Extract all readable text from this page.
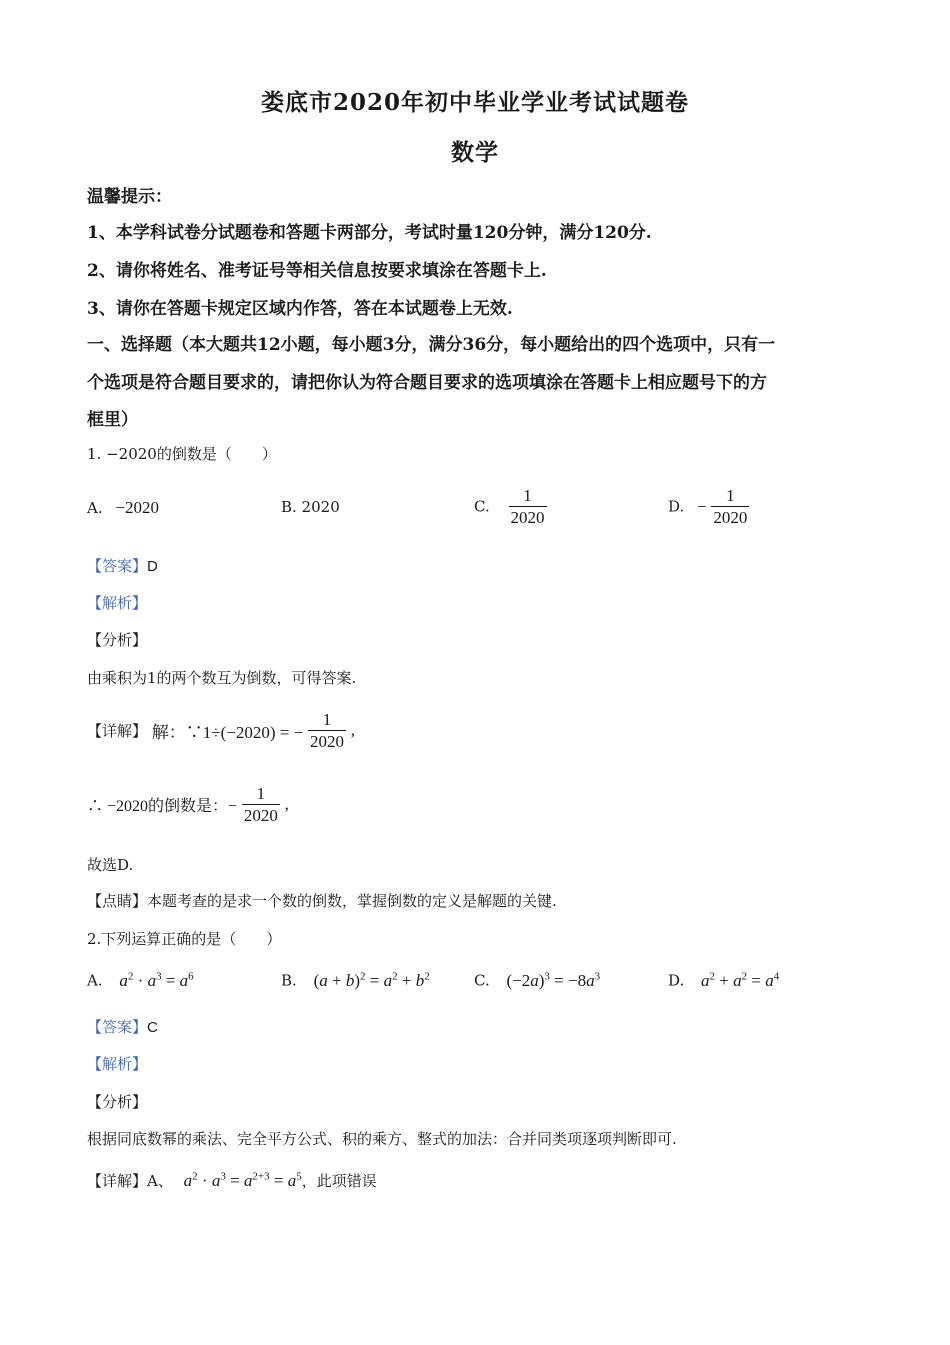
娄底市2020年初中毕业学业考试试题卷
数学
温馨提示：
1、本学科试卷分试题卷和答题卡两部分，考试时量120分钟，满分120分.
2、请你将姓名、准考证号等相关信息按要求填涂在答题卡上.
3、请你在答题卡规定区域内作答，答在本试题卷上无效.
一、选择题（本大题共12小题，每小题3分，满分36分，每小题给出的四个选项中，只有一
个选项是符合题目要求的，请把你认为符合题目要求的选项填涂在答题卡上相应题号下的方
框里）
1. −2020的倒数是（　　）
A. −2020	B. 2020	C. $\frac{1}{2020}$	D. − $\frac{1}{2020}$
【答案】D
【解析】
【分析】
由乘积为1的两个数互为倒数，可得答案.
【详解】 解：∵1÷(−2020) = − $\frac{1}{2020}$ ,
∴ −2020的倒数是：− $\frac{1}{2020}$ ,
故选D.
【点睛】本题考查的是求一个数的倒数，掌握倒数的定义是解题的关键.
2.下列运算正确的是（　　）
A. $a^2 \cdot a^3 = a^6$	B. $(a + b)^2 = a^2 + b^2$	C. $(-2a)^3 = -8a^3$	D. $a^2 + a^2 = a^4$
【答案】C
【解析】
【分析】
根据同底数幂的乘法、完全平方公式、积的乘方、整式的加法：合并同类项逐项判断即可.
【详解】A、 $a^2 \cdot a^3 = a^{2+3} = a^5$，此项错误
